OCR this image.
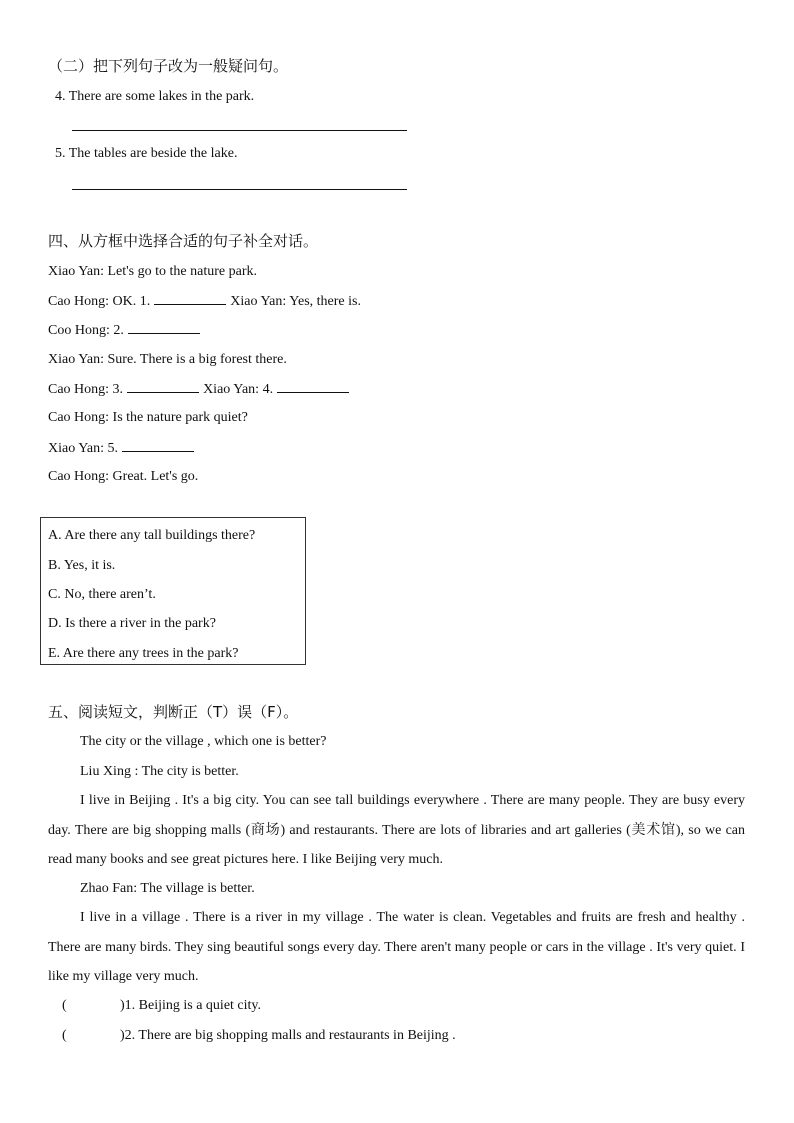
（二）把下列句子改为一般疑问句。
4. There are some lakes in the park.
5. The tables are beside the lake.
四、从方框中选择合适的句子补全对话。
Xiao Yan: Let's go to the nature park.
Cao Hong: OK. 1.	Xiao Yan: Yes, there is.
Coo Hong: 2.
Xiao Yan: Sure. There is a big forest there.
Cao Hong: 3.	Xiao Yan: 4.
Cao Hong: Is the nature park quiet?
Xiao Yan: 5.
Cao Hong: Great. Let's go.
A. Are there any tall buildings there?
B. Yes, it is.
C. No, there aren’t.
D. Is there a river in the park?
E. Are there any trees in the park?
五、阅读短文，判断正（T）误（F）。
The city or the village , which one is better?
Liu Xing : The city is better.
I live in Beijing . It's a big city. You can see tall buildings everywhere . There are many people. They are busy every day. There are big shopping malls (商场) and restaurants. There are lots of libraries and art galleries (美术馆), so we can read many books and see great pictures here. I like Beijing very much.
Zhao Fan: The village is better.
I live in a village . There is a river in my village . The water is clean. Vegetables and fruits are fresh and healthy . There are many birds. They sing beautiful songs every day. There aren't many people or cars in the village . It's very quiet. I like my village very much.
(	)1. Beijing is a quiet city.
(	)2. There are big shopping malls and restaurants in Beijing .
